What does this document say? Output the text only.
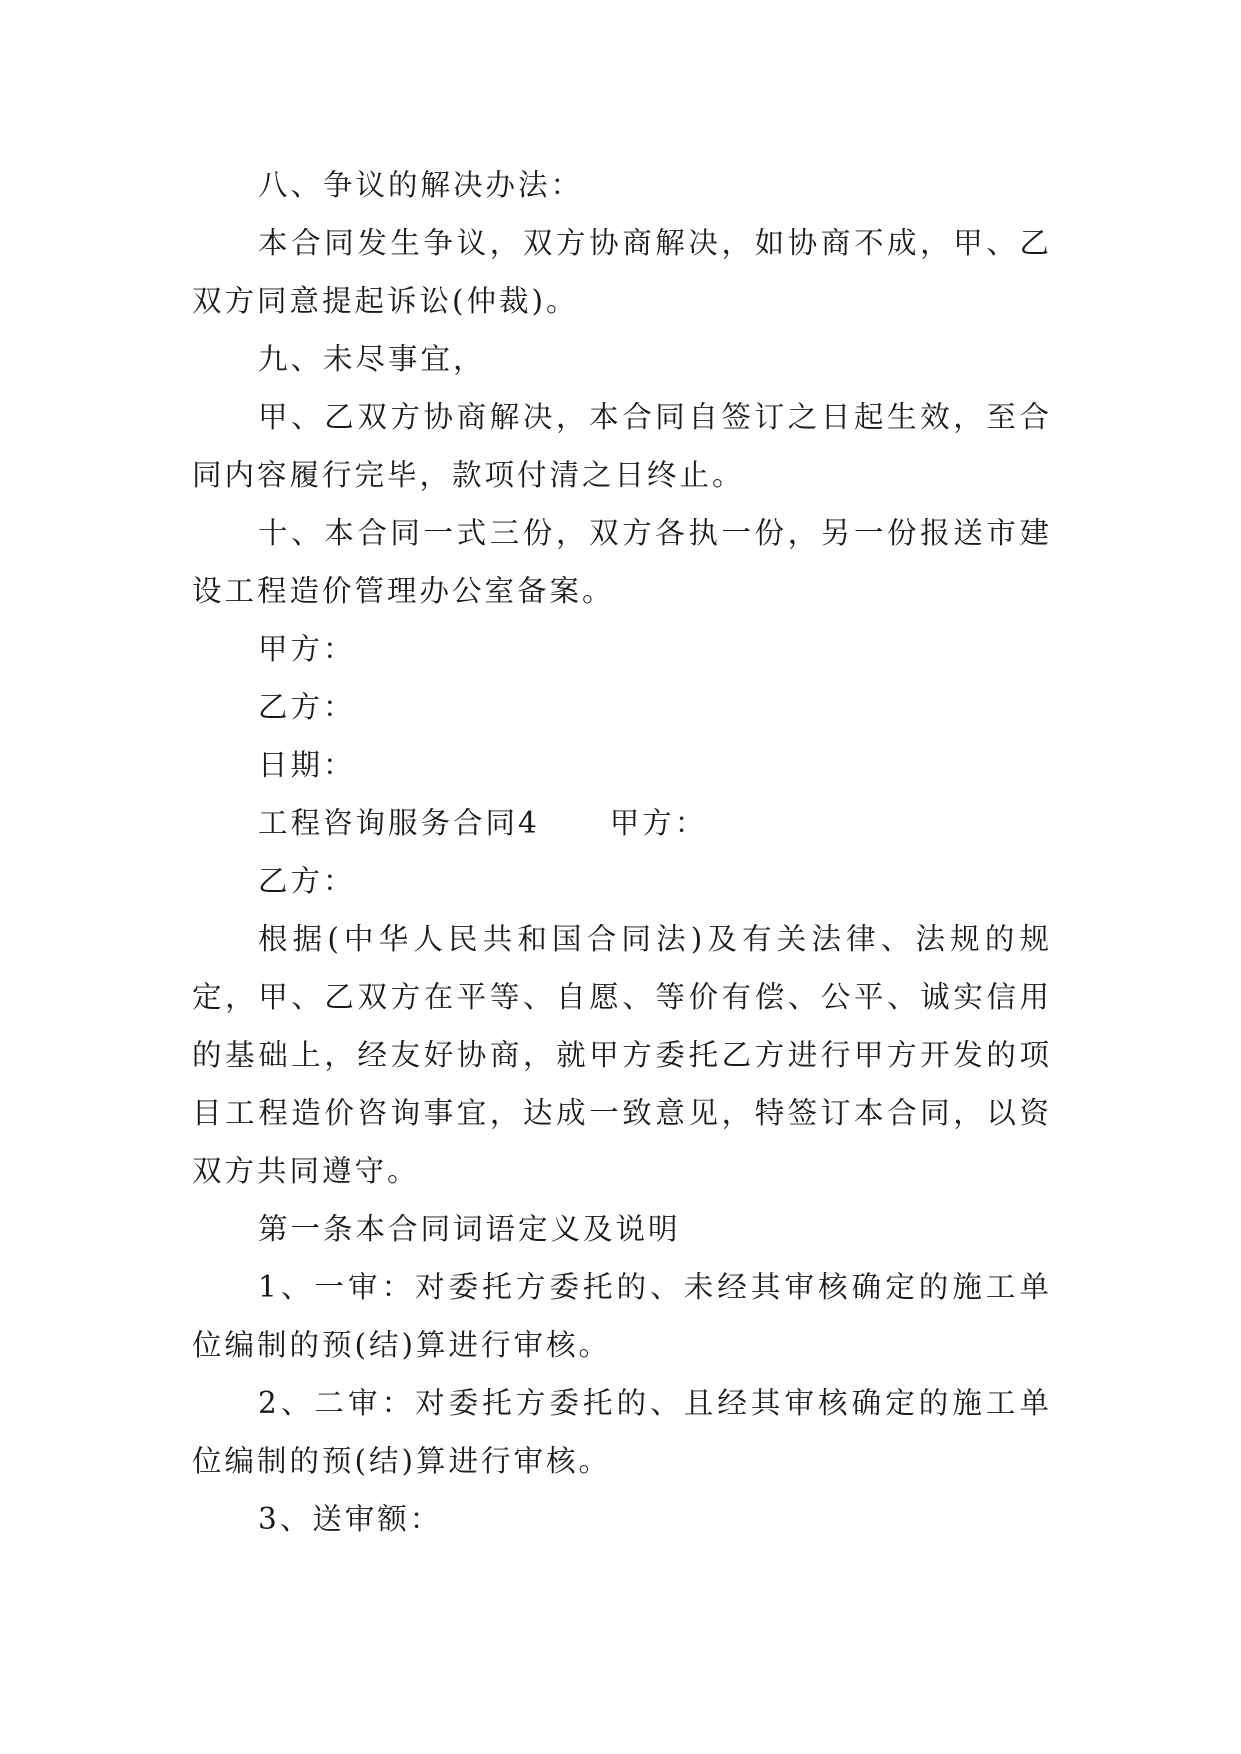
八、争议的解决办法：

本合同发生争议，双方协商解决，如协商不成，甲、乙双方同意提起诉讼(仲裁)。

九、未尽事宜，

甲、乙双方协商解决，本合同自签订之日起生效，至合同内容履行完毕，款项付清之日终止。

十、本合同一式三份，双方各执一份，另一份报送市建设工程造价管理办公室备案。

甲方：

乙方：

日期：

工程咨询服务合同4 甲方：

乙方：

根据(中华人民共和国合同法)及有关法律、法规的规定，甲、乙双方在平等、自愿、等价有偿、公平、诚实信用的基础上，经友好协商，就甲方委托乙方进行甲方开发的项目工程造价咨询事宜，达成一致意见，特签订本合同，以资双方共同遵守。

第一条本合同词语定义及说明

1、一审：对委托方委托的、未经其审核确定的施工单位编制的预(结)算进行审核。

2、二审：对委托方委托的、且经其审核确定的施工单位编制的预(结)算进行审核。

3、送审额：
